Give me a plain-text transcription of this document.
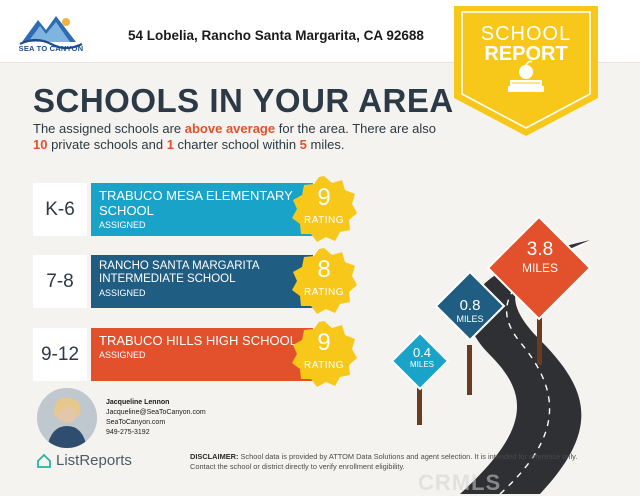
SEA TO CANYON
54 Lobelia, Rancho Santa Margarita, CA 92688	SCHOOL
REPORT
SCHOOLS IN YOUR AREA
The assigned schools are above average for the area. There are also 10 private schools and 1 charter school within 5 miles.
K-6
TRABUCO MESA ELEMENTARY SCHOOL
ASSIGNED
9
RATING
7-8
RANCHO SANTA MARGARITA INTERMEDIATE SCHOOL
ASSIGNED
8
RATING
9-12
TRABUCO HILLS HIGH SCHOOL
ASSIGNED	9
RATING
0.4
MILES
0.8
MILES
3.8
MILES
Jacqueline Lennon
Jacqueline@SeaToCanyon.com
SeaToCanyon.com
949-275-3192
ListReports	DISCLAIMER: School data is provided by ATTOM Data Solutions and agent selection. It is intended for reference only. Contact the school or district directly to verify enrollment eligibility.
CRMLS
